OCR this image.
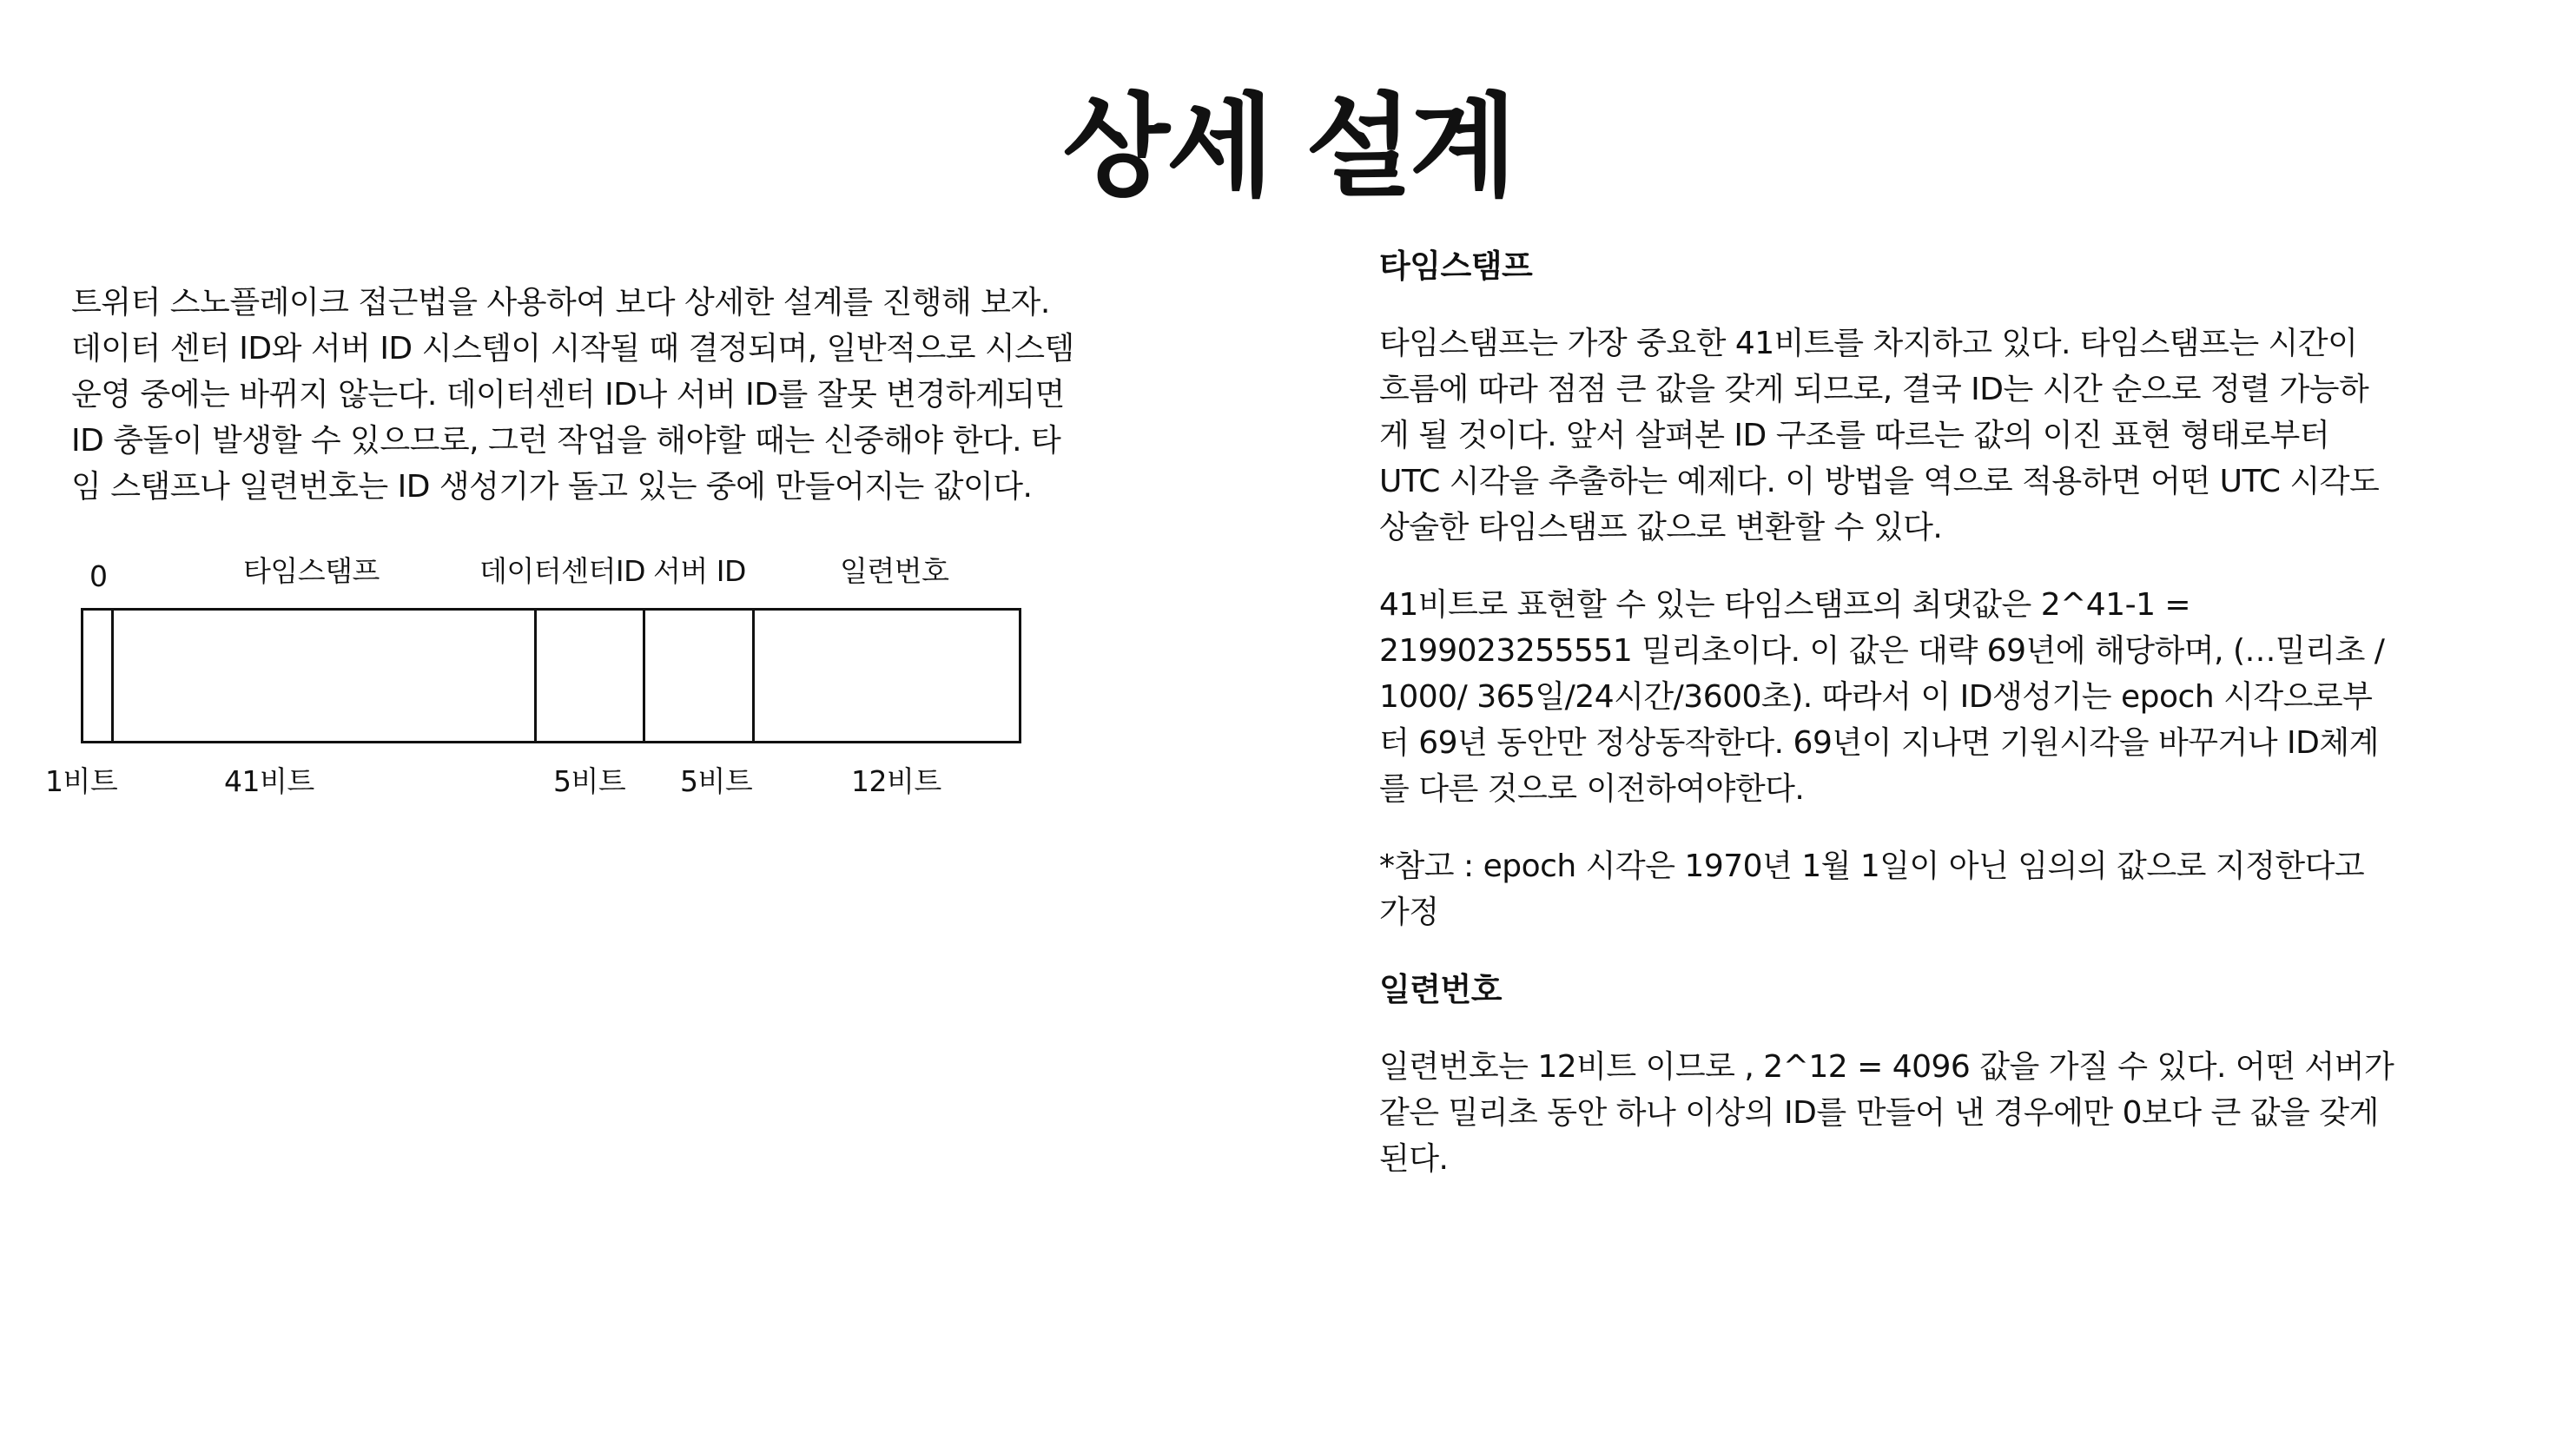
상세 설계

트위터 스노플레이크 접근법을 사용하여 보다 상세한 설계를 진행해 보자. 데이터 센터 ID와 서버 ID 시스템이 시작될 때 결정되며, 일반적으로 시스템 운영 중에는 바뀌지 않는다. 데이터센터 ID나 서버 ID를 잘못 변경하게되면 ID 충돌이 발생할 수 있으므로, 그런 작업을 해야할 때는 신중해야 한다. 타임 스탬프나 일련번호는 ID 생성기가 돌고 있는 중에 만들어지는 값이다.

0	타임스탬프	데이터센터ID 서버 ID	일련번호
1비트	41비트	5비트 5비트	12비트
타임스탬프

타임스탬프는 가장 중요한 41비트를 차지하고 있다. 타임스탬프는 시간이 흐름에 따라 점점 큰 값을 갖게 되므로, 결국 ID는 시간 순으로 정렬 가능하게 될 것이다. 앞서 살펴본 ID 구조를 따르는 값의 이진 표현 형태로부터 UTC 시각을 추출하는 예제다. 이 방법을 역으로 적용하면 어떤 UTC 시각도 상술한 타임스탬프 값으로 변환할 수 있다.

41비트로 표현할 수 있는 타임스탬프의 최댓값은 2^41-1 = 2199023255551 밀리초이다. 이 값은 대략 69년에 해당하며, (…밀리초 / 1000/ 365일/24시간/3600초). 따라서 이 ID생성기는 epoch 시각으로부터 69년 동안만 정상동작한다. 69년이 지나면 기원시각을 바꾸거나 ID체계를 다른 것으로 이전하여야한다.

*참고 : epoch 시각은 1970년 1월 1일이 아닌 임의의 값으로 지정한다고 가정

일련번호

일련번호는 12비트 이므로 , 2^12 = 4096 값을 가질 수 있다. 어떤 서버가 같은 밀리초 동안 하나 이상의 ID를 만들어 낸 경우에만 0보다 큰 값을 갖게 된다.
